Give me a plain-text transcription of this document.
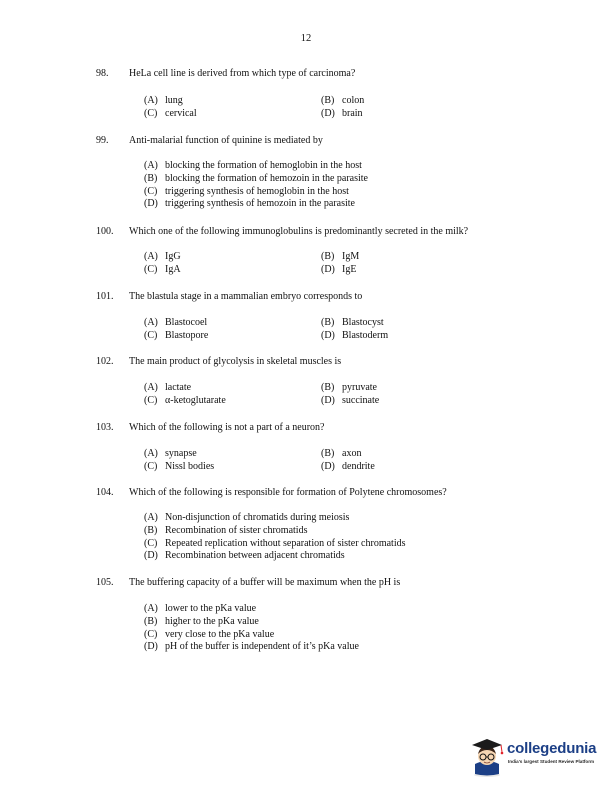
12
98.	HeLa cell line is derived from which type of carcinoma?
(A) lung	(B) colon
(C) cervical	(D) brain
99.	Anti-malarial function of quinine is mediated by
(A) blocking the formation of hemoglobin in the host
(B) blocking the formation of hemozoin in the parasite
(C) triggering synthesis of hemoglobin in the host
(D) triggering synthesis of hemozoin in the parasite
100.	Which one of the following immunoglobulins is predominantly secreted in the milk?
(A) IgG	(B) IgM
(C) IgA	(D) IgE
101.	The blastula stage in a mammalian embryo corresponds to
(A) Blastocoel	(B) Blastocyst
(C) Blastopore	(D) Blastoderm
102.	The main product of glycolysis in skeletal muscles is
(A) lactate	(B) pyruvate
(C) α-ketoglutarate	(D) succinate
103.	Which of the following is not a part of a neuron?
(A) synapse	(B) axon
(C) Nissl bodies	(D) dendrite
104.	Which of the following is responsible for formation of Polytene chromosomes?
(A) Non-disjunction of chromatids during meiosis
(B) Recombination of sister chromatids
(C) Repeated replication without separation of sister chromatids
(D) Recombination between adjacent chromatids
105.	The buffering capacity of a buffer will be maximum when the pH is
(A) lower to the pKa value
(B) higher to the pKa value
(C) very close to the pKa value
(D) pH of the buffer is independent of it’s pKa value
collegedunia
India's largest Student Review Platform
